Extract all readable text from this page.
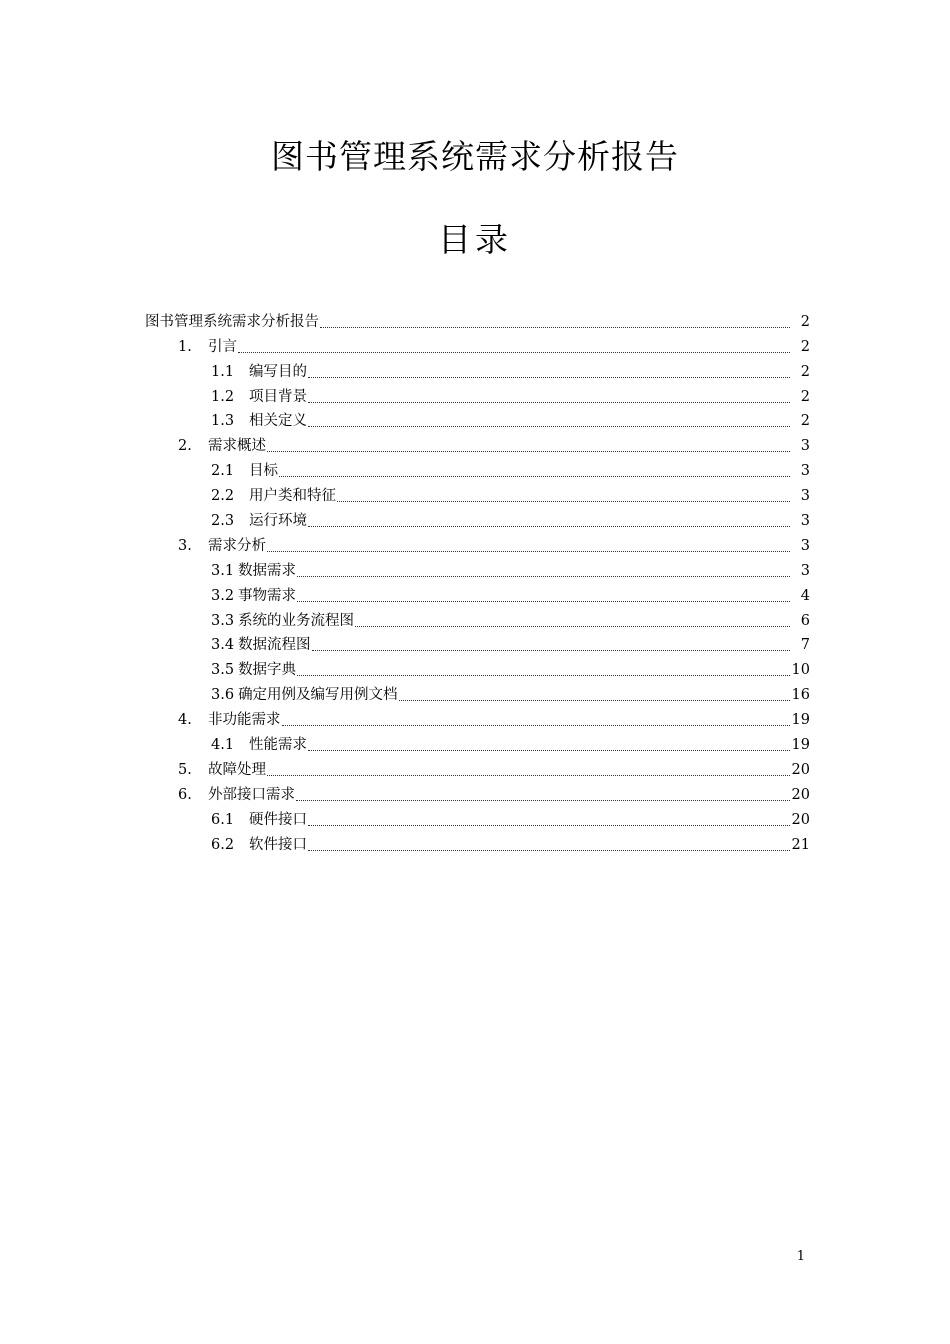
图书管理系统需求分析报告
目录
图书管理系统需求分析报告	2
1.	引言	2
1.1	编写目的	2
1.2	项目背景	2
1.3	相关定义	2
2.	需求概述	3
2.1	目标	3
2.2	用户类和特征	3
2.3	运行环境	3
3.	需求分析	3
3.1 数据需求	3
3.2 事物需求	4
3.3 系统的业务流程图	6
3.4 数据流程图	7
3.5 数据字典	10
3.6 确定用例及编写用例文档	16
4.	非功能需求	19
4.1	性能需求	19
5.	故障处理	20
6.	外部接口需求	20
6.1	硬件接口	20
6.2	软件接口	21
1
